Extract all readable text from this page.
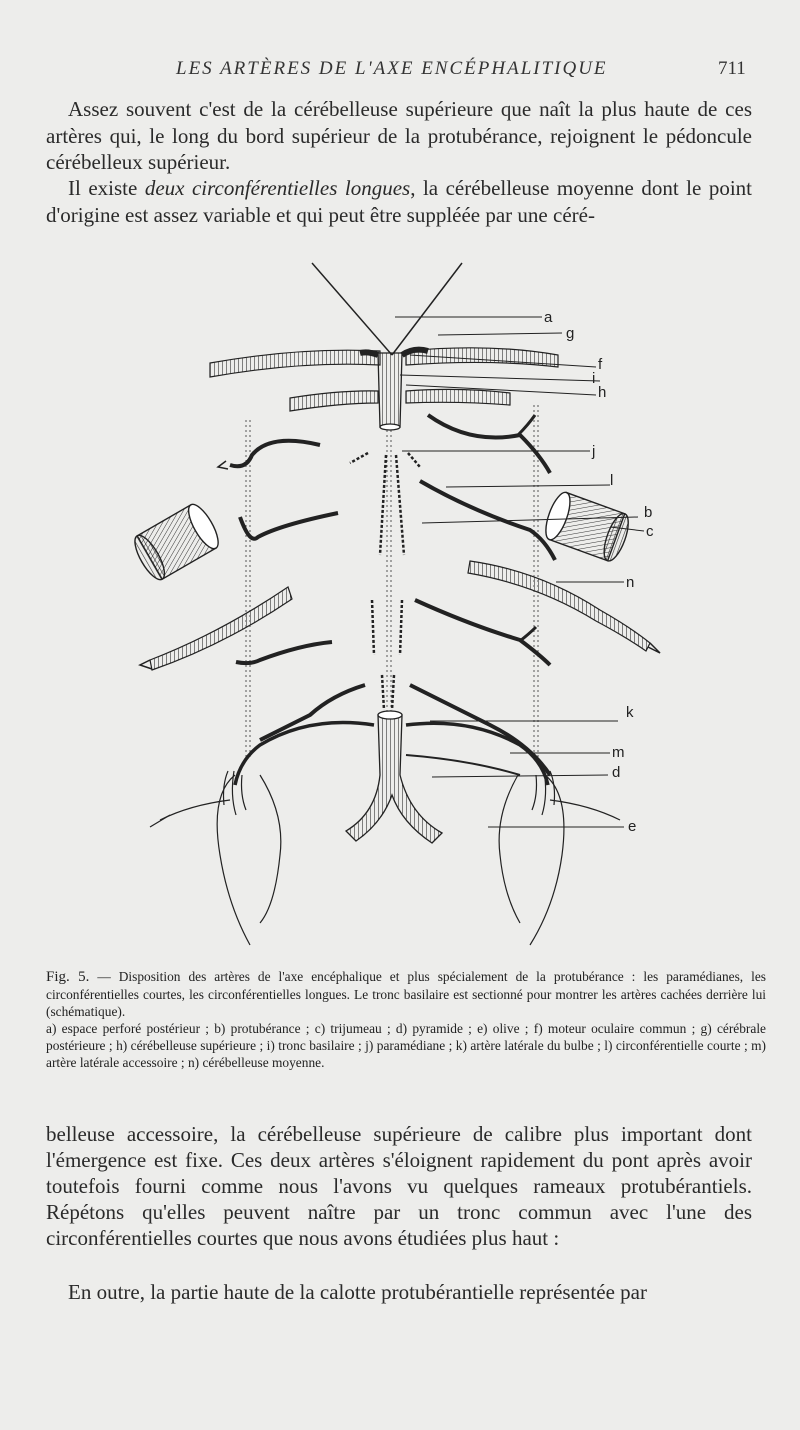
LES ARTÈRES DE L'AXE ENCÉPHALITIQUE	711

Assez souvent c'est de la cérébelleuse supérieure que naît la plus haute de ces artères qui, le long du bord supérieur de la protubérance, rejoignent le pédoncule cérébelleux supérieur.

Il existe deux circonférentielles longues, la cérébelleuse moyenne dont le point d'origine est assez variable et qui peut être suppléée par une céré-

a
g
f
i
h
j
l
b
c
n
k
m
d
e

Fig. 5. — Disposition des artères de l'axe encéphalique et plus spécialement de la protubérance : les paramédianes, les circonférentielles courtes, les circonférentielles longues. Le tronc basilaire est sectionné pour montrer les artères cachées derrière lui (schématique).

a) espace perforé postérieur ; b) protubérance ; c) trijumeau ; d) pyramide ; e) olive ; f) moteur oculaire commun ; g) cérébrale postérieure ; h) cérébelleuse supérieure ; i) tronc basilaire ; j) paramédiane ; k) artère latérale du bulbe ; l) circonférentielle courte ; m) artère latérale accessoire ; n) cérébelleuse moyenne.

belleuse accessoire, la cérébelleuse supérieure de calibre plus important dont l'émergence est fixe. Ces deux artères s'éloignent rapidement du pont après avoir toutefois fourni comme nous l'avons vu quelques rameaux protubérantiels. Répétons qu'elles peuvent naître par un tronc commun avec l'une des circonférentielles courtes que nous avons étudiées plus haut :

En outre, la partie haute de la calotte protubérantielle représentée par
